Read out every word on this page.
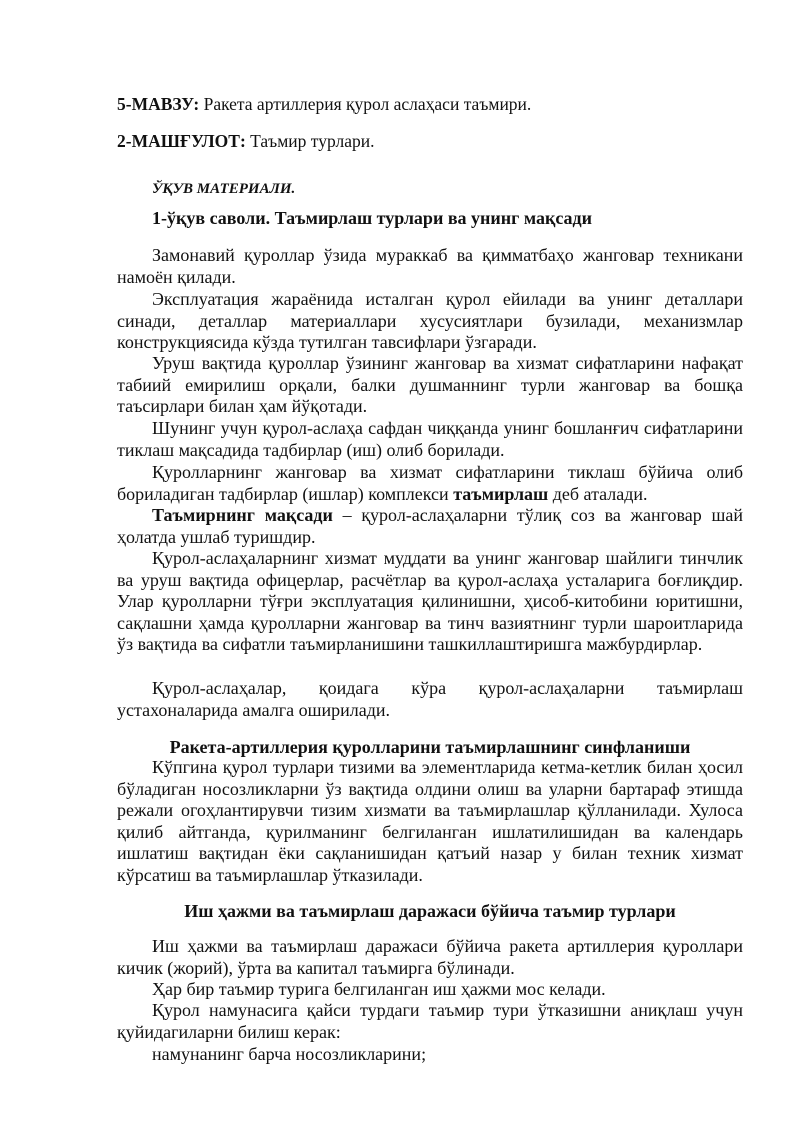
5-МАВЗУ: Ракета артиллерия қурол аслаҳаси таъмири.
2-МАШҒУЛОТ: Таъмир турлари.
ЎҚУВ МАТЕРИАЛИ.
1-ўқув саволи. Таъмирлаш турлари ва унинг мақсади

Замонавий қуроллар ўзида мураккаб ва қимматбаҳо жанговар техникани намоён қилади.

Эксплуатация жараёнида исталган қурол ейилади ва унинг деталлари синади, деталлар материаллари хусусиятлари бузилади, механизмлар конструкциясида кўзда тутилган тавсифлари ўзгаради.

Уруш вақтида қуроллар ўзининг жанговар ва хизмат сифатларини нафақат табиий емирилиш орқали, балки душманнинг турли жанговар ва бошқа таъсирлари билан ҳам йўқотади.

Шунинг учун қурол-аслаҳа сафдан чиққанда унинг бошланғич сифатларини тиклаш мақсадида тадбирлар (иш) олиб борилади.

Қуролларнинг жанговар ва хизмат сифатларини тиклаш бўйича олиб бориладиган тадбирлар (ишлар) комплекси таъмирлаш деб аталади.

Таъмирнинг мақсади – қурол-аслаҳаларни тўлиқ соз ва жанговар шай ҳолатда ушлаб туришдир.

Қурол-аслаҳаларнинг хизмат муддати ва унинг жанговар шайлиги тинчлик ва уруш вақтида офицерлар, расчётлар ва қурол-аслаҳа усталарига боғлиқдир. Улар қуролларни тўғри эксплуатация қилинишни, ҳисоб-китобини юритишни, сақлашни ҳамда қуролларни жанговар ва тинч вазиятнинг турли шароитларида ўз вақтида ва сифатли таъмирланишини ташкиллаштиришга мажбурдирлар.

Қурол-аслаҳалар, қоидага кўра қурол-аслаҳаларни таъмирлаш устахоналарида амалга оширилади.

Ракета-артиллерия қуролларини таъмирлашнинг синфланиши

Кўпгина қурол турлари тизими ва элементларида кетма-кетлик билан ҳосил бўладиган носозликларни ўз вақтида олдини олиш ва уларни бартараф этишда режали огоҳлантирувчи тизим хизмати ва таъмирлашлар қўлланилади. Хулоса қилиб айтганда, қурилманинг белгиланган ишлатилишидан ва календарь ишлатиш вақтидан ёки сақланишидан қатъий назар у билан техник хизмат кўрсатиш ва таъмирлашлар ўтказилади.

Иш ҳажми ва таъмирлаш даражаси бўйича таъмир турлари

Иш ҳажми ва таъмирлаш даражаси бўйича ракета артиллерия қуроллари кичик (жорий), ўрта ва капитал таъмирга бўлинади.

Ҳар бир таъмир турига белгиланган иш ҳажми мос келади.

Қурол намунасига қайси турдаги таъмир тури ўтказишни аниқлаш учун қуйидагиларни билиш керак:

намунанинг барча носозликларини;
